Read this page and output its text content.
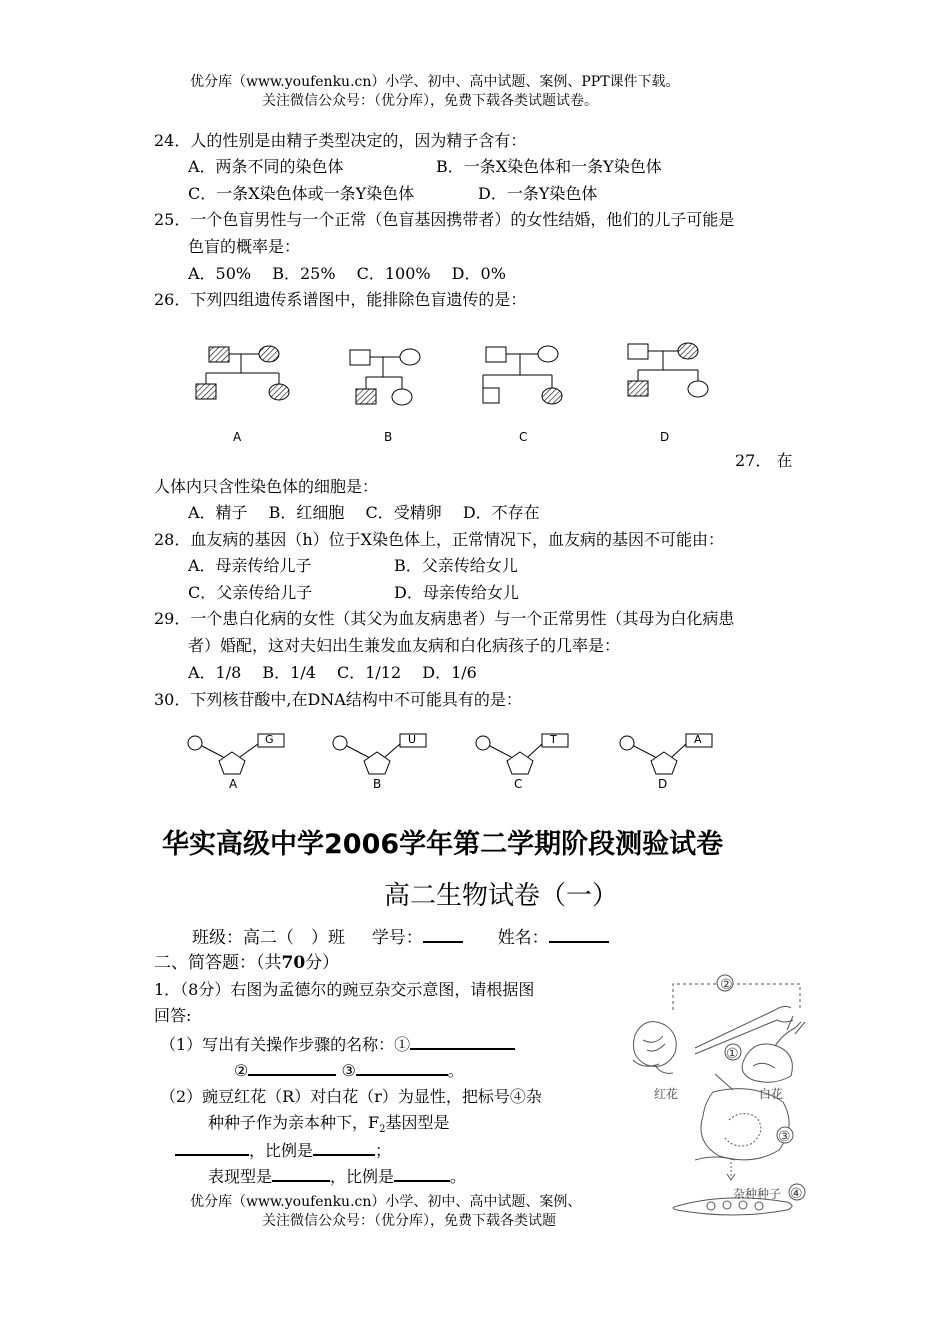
优分库（www.youfenku.cn）小学、初中、高中试题、案例、PPT课件下载。
关注微信公众号：（优分库），免费下载各类试题试卷。
24．人的性别是由精子类型决定的，因为精子含有：
A．两条不同的染色体	B．一条X染色体和一条Y染色体
C．一条X染色体或一条Y染色体	D．一条Y染色体
25．一个色盲男性与一个正常（色盲基因携带者）的女性结婚，他们的儿子可能是
色盲的概率是：
A．50%　 B．25%　 C．100%　 D．0%
26．下列四组遗传系谱图中，能排除色盲遗传的是：
A	B	C	D
27． 在
人体内只含性染色体的细胞是：
A．精子　 B．红细胞　 C．受精卵　 D．不存在
28．血友病的基因（h）位于X染色体上，正常情况下，血友病的基因不可能由：
A．母亲传给儿子	B．父亲传给女儿
C．父亲传给儿子	D．母亲传给女儿
29．一个患白化病的女性（其父为血友病患者）与一个正常男性（其母为白化病患
者）婚配，这对夫妇出生兼发血友病和白化病孩子的几率是：
A．1/8　 B．1/4　 C．1/12　 D．1/6
30．下列核苷酸中,在DNA结构中不可能具有的是：
G	U	T	A
A	B	C	D
华实高级中学2006学年第二学期阶段测验试卷
高二生物试卷（一）
班级：高二（　）班 学号：	姓名：
二、简答题：（共70分）
1．（8分）右图为孟德尔的豌豆杂交示意图，请根据图
回答:
（1）写出有关操作步骤的名称：①
②	③	。
（2）豌豆红花（R）对白花（r）为显性，把标号④杂
种种子作为亲本种下，$F_2$基因型是
，比例是	；
表现型是	，比例是	。
②
①
③
④
红花	白花
杂种种子
优分库（www.youfenku.cn）小学、初中、高中试题、案例、
关注微信公众号：（优分库），免费下载各类试题
